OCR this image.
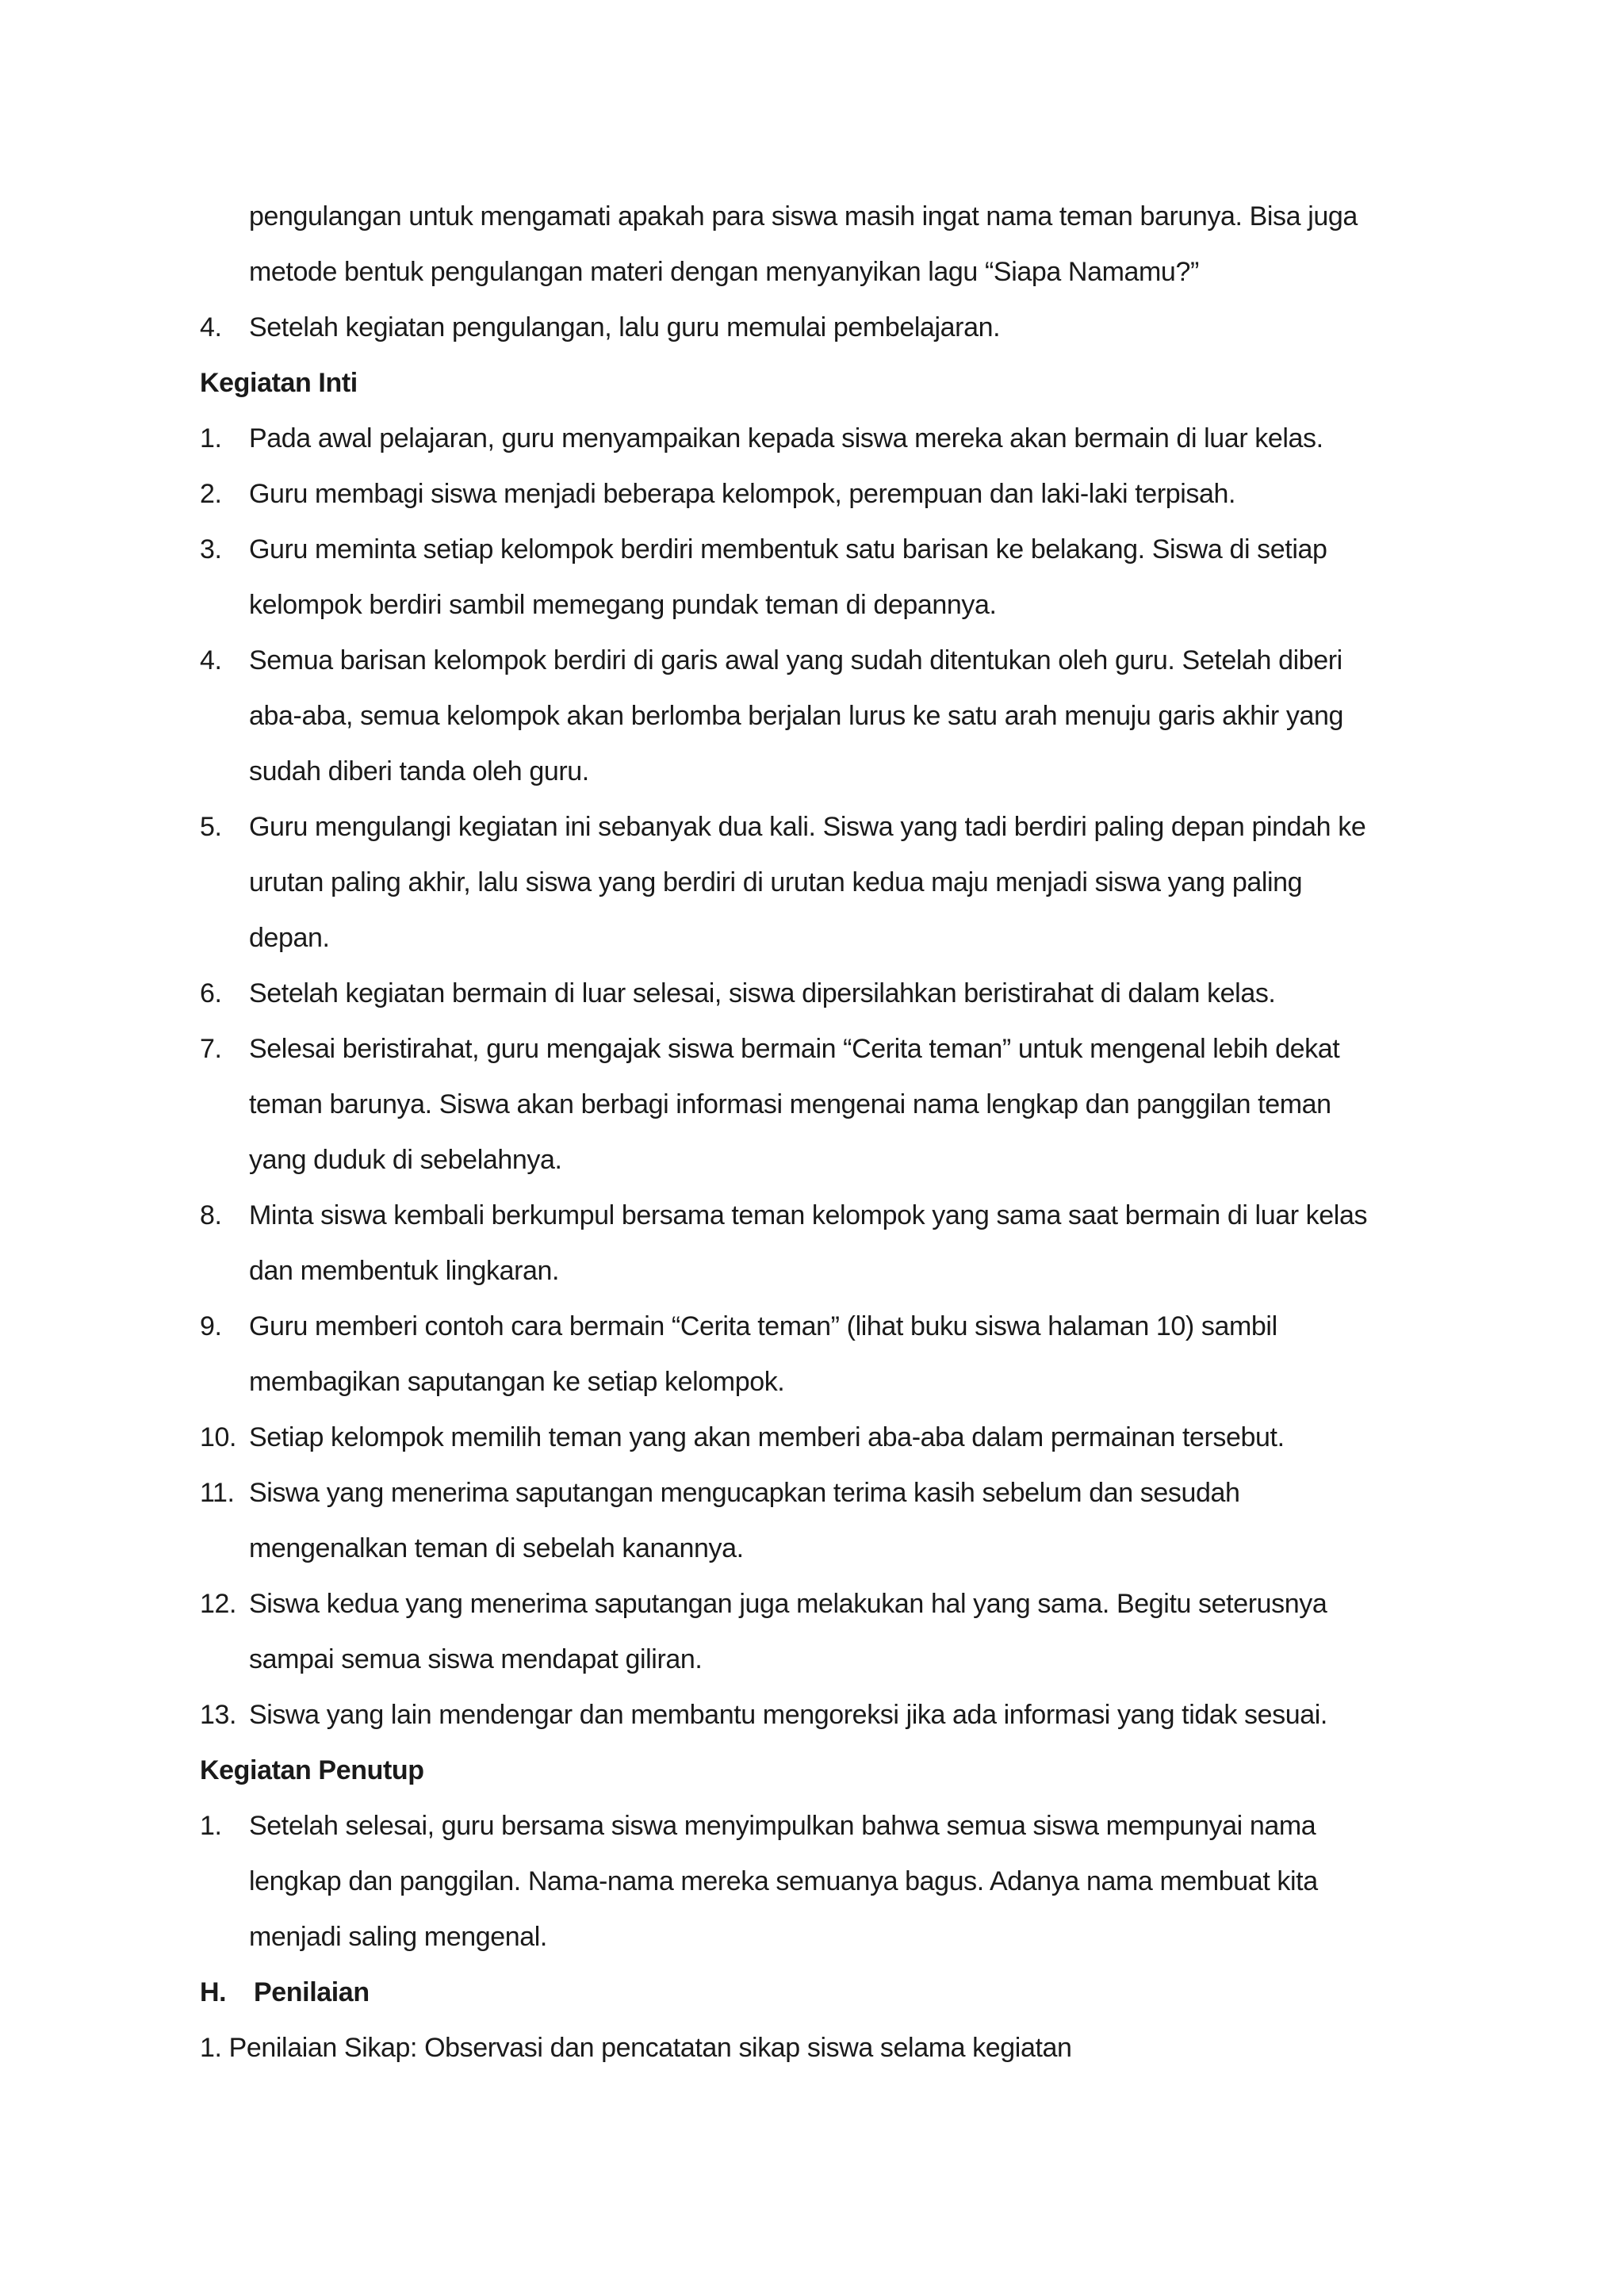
pengulangan untuk mengamati apakah para siswa masih ingat nama teman barunya. Bisa juga
metode bentuk pengulangan materi dengan menyanyikan lagu “Siapa Namamu?”
4.	Setelah kegiatan pengulangan, lalu guru memulai pembelajaran.
Kegiatan Inti
1.	Pada awal pelajaran, guru menyampaikan kepada siswa mereka akan bermain di luar kelas.
2.	Guru membagi siswa menjadi beberapa kelompok, perempuan dan laki-laki terpisah.
3.	Guru meminta setiap kelompok berdiri membentuk satu barisan ke belakang. Siswa di setiap
kelompok berdiri sambil memegang pundak teman di depannya.
4.	Semua barisan kelompok berdiri di garis awal yang sudah ditentukan oleh guru. Setelah diberi
aba-aba, semua kelompok akan berlomba berjalan lurus ke satu arah menuju garis akhir yang
sudah diberi tanda oleh guru.
5.	Guru mengulangi kegiatan ini sebanyak dua kali. Siswa yang tadi berdiri paling depan pindah ke
urutan paling akhir, lalu siswa yang berdiri di urutan kedua maju menjadi siswa yang paling
depan.
6.	Setelah kegiatan bermain di luar selesai, siswa dipersilahkan beristirahat di dalam kelas.
7.	Selesai beristirahat, guru mengajak siswa bermain “Cerita teman” untuk mengenal lebih dekat
teman barunya. Siswa akan berbagi informasi mengenai nama lengkap dan panggilan teman
yang duduk di sebelahnya.
8.	Minta siswa kembali berkumpul bersama teman kelompok yang sama saat bermain di luar kelas
dan membentuk lingkaran.
9.	Guru memberi contoh cara bermain “Cerita teman” (lihat buku siswa halaman 10) sambil
membagikan saputangan ke setiap kelompok.
10. Setiap kelompok memilih teman yang akan memberi aba-aba dalam permainan tersebut.
11. Siswa yang menerima saputangan mengucapkan terima kasih sebelum dan sesudah
mengenalkan teman di sebelah kanannya.
12. Siswa kedua yang menerima saputangan juga melakukan hal yang sama. Begitu seterusnya
sampai semua siswa mendapat giliran.
13. Siswa yang lain mendengar dan membantu mengoreksi jika ada informasi yang tidak sesuai.
Kegiatan Penutup
1.	Setelah selesai, guru bersama siswa menyimpulkan bahwa semua siswa mempunyai nama
lengkap dan panggilan. Nama-nama mereka semuanya bagus. Adanya nama membuat kita
menjadi saling mengenal.
H.	Penilaian
1. Penilaian Sikap: Observasi dan pencatatan sikap siswa selama kegiatan
